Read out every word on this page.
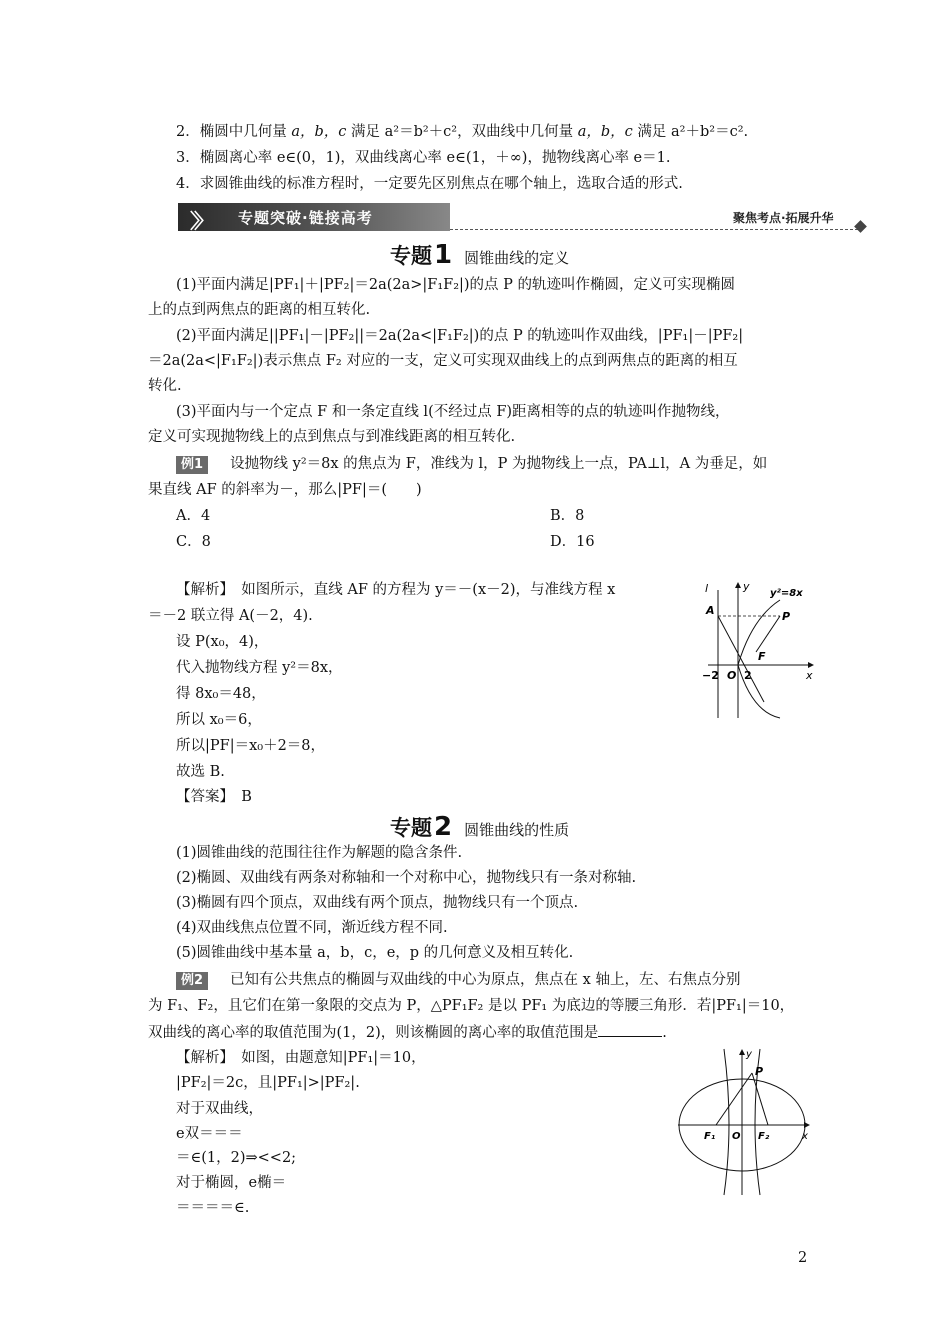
2．椭圆中几何量 a，b，c 满足 a²＝b²＋c²，双曲线中几何量 a，b，c 满足 a²＋b²＝c².
3．椭圆离心率 e∈(0，1)，双曲线离心率 e∈(1，＋∞)，抛物线离心率 e＝1.
4．求圆锥曲线的标准方程时，一定要先区别焦点在哪个轴上，选取合适的形式.
〉〉 专题突破·链接高考	聚焦考点·拓展升华
专题1 圆锥曲线的定义
(1)平面内满足|PF₁|＋|PF₂|＝2a(2a>|F₁F₂|)的点 P 的轨迹叫作椭圆，定义可实现椭圆
上的点到两焦点的距离的相互转化.
(2)平面内满足||PF₁|－|PF₂||＝2a(2a<|F₁F₂|)的点 P 的轨迹叫作双曲线，|PF₁|－|PF₂|
＝2a(2a<|F₁F₂|)表示焦点 F₂ 对应的一支，定义可实现双曲线上的点到两焦点的距离的相互
转化.
(3)平面内与一个定点 F 和一条定直线 l(不经过点 F)距离相等的点的轨迹叫作抛物线，
定义可实现抛物线上的点到焦点与到准线距离的相互转化.
例1 设抛物线 y²＝8x 的焦点为 F，准线为 l，P 为抛物线上一点，PA⊥l，A 为垂足，如
果直线 AF 的斜率为－，那么|PF|＝(　　)
A．4	B．8
C．8	D．16
【解析】　如图所示，直线 AF 的方程为 y＝－(x－2)，与准线方程 x
＝－2 联立得 A(－2，4).
设 P(x₀，4)，
代入抛物线方程 y²＝8x，
得 8x₀＝48，
所以 x₀＝6，
所以|PF|＝x₀＋2＝8，
故选 B.
【答案】　B
l	y
y²=8x
A	P
F
−2 O 2	x
专题2 圆锥曲线的性质
(1)圆锥曲线的范围往往作为解题的隐含条件.
(2)椭圆、双曲线有两条对称轴和一个对称中心，抛物线只有一条对称轴.
(3)椭圆有四个顶点，双曲线有两个顶点，抛物线只有一个顶点.
(4)双曲线焦点位置不同，渐近线方程不同.
(5)圆锥曲线中基本量 a，b，c，e，p 的几何意义及相互转化.
例2 已知有公共焦点的椭圆与双曲线的中心为原点，焦点在 x 轴上，左、右焦点分别
为 F₁、F₂，且它们在第一象限的交点为 P，△PF₁F₂ 是以 PF₁ 为底边的等腰三角形．若|PF₁|＝10，
双曲线的离心率的取值范围为(1，2)，则该椭圆的离心率的取值范围是	.
【解析】　如图，由题意知|PF₁|＝10，
|PF₂|＝2c，且|PF₁|>|PF₂|.
对于双曲线，
e双＝＝＝
＝∈(1，2)⇒<<2;
对于椭圆，e椭＝
＝＝＝＝∈.
y
P
F₁ O F₂	x
2
